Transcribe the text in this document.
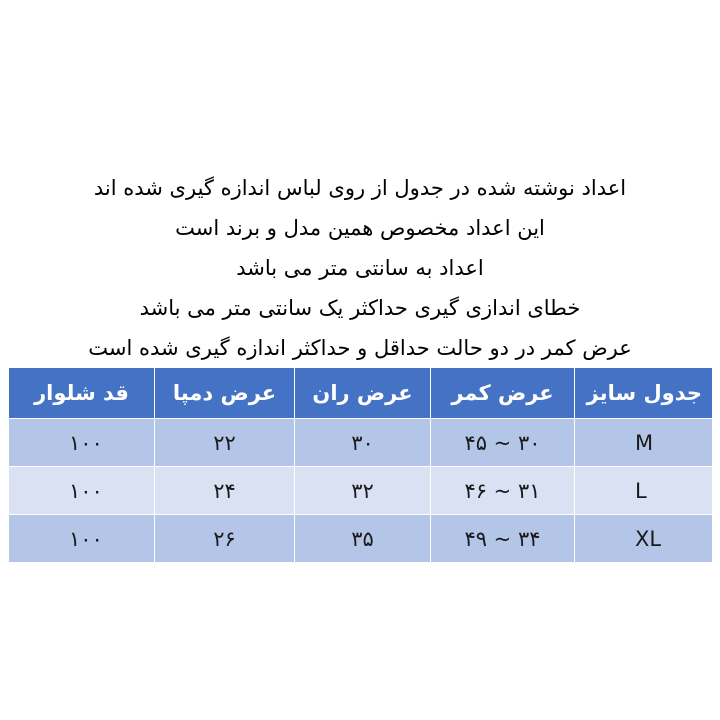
اعداد نوشته شده در جدول از روی لباس اندازه گیری شده اند
این اعداد مخصوص همین مدل و برند است
اعداد به سانتی متر می باشد
خطای اندازی گیری حداکثر یک سانتی متر می باشد
عرض کمر در دو حالت حداقل و حداکثر اندازه گیری شده است
جدول سایز	عرض کمر	عرض ران	عرض دمپا	قد شلوار
M	۴۵ ~ ۳۰	۳۰	۲۲	۱۰۰
L	۴۶ ~ ۳۱	۳۲	۲۴	۱۰۰
XL	۴۹ ~ ۳۴	۳۵	۲۶	۱۰۰
